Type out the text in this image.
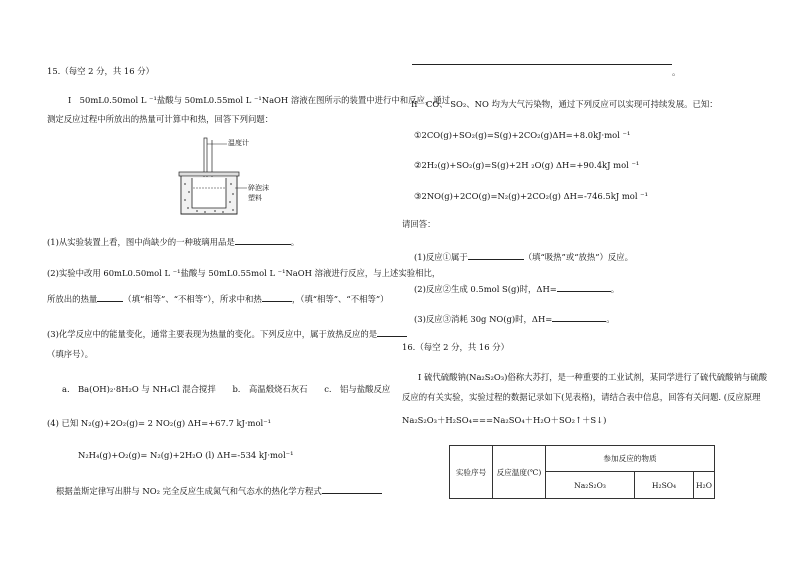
15.（每空 2 分，共 16 分）
I　50mL0.50mol L ⁻¹盐酸与 50mL0.55mol L ⁻¹NaOH 溶液在图所示的装置中进行中和反应，通过
测定反应过程中所放出的热量可计算中和热，回答下列问题：
温度计
碎泡沫
塑料
(1)从实验装置上看，图中尚缺少的一种玻璃用品是	。
(2)实验中改用 60mL0.50mol L ⁻¹盐酸与 50mL0.55mol L ⁻¹NaOH 溶液进行反应，与上述实验相比，
所放出的热量	（填“相等”、“不相等”），所求中和热	，（填“相等”、“不相等”）
(3)化学反应中的能量变化，通常主要表现为热量的变化。下列反应中，属于放热反应的是
（填序号）。
a.　Ba(OH)₂·8H₂O 与 NH₄Cl 混合搅拌　　b.　高温煅烧石灰石　　c.　铝与盐酸反应
(4) 已知 N₂(g)+2O₂(g)= 2 NO₂(g) ΔH=+67.7 kJ·mol⁻¹
N₂H₄(g)+O₂(g)= N₂(g)+2H₂O (l) ΔH=-534 kJ·mol⁻¹
根据盖斯定律写出肼与 NO₂ 完全反应生成氮气和气态水的热化学方程式
。
II　CO、 SO₂、NO 均为大气污染物，通过下列反应可以实现可持续发展。已知：
①2CO(g)+SO₂(g)=S(g)+2CO₂(g)ΔH=+8.0kJ·mol ⁻¹
②2H₂(g)+SO₂(g)=S(g)+2H ₂O(g) ΔH=+90.4kJ mol ⁻¹
③2NO(g)+2CO(g)=N₂(g)+2CO₂(g) ΔH=-746.5kJ mol ⁻¹
请回答：
(1)反应①属于	（填“吸热”或“放热”）反应。
(2)反应②生成 0.5mol S(g)时，ΔH=	。
(3)反应③消耗 30g NO(g)时，ΔH=	。
16.（每空 2 分，共 16 分）
I 硫代硫酸钠(Na₂S₂O₃)俗称大苏打，是一种重要的工业试剂，某同学进行了硫代硫酸钠与硫酸
反应的有关实验，实验过程的数据记录如下(见表格)，请结合表中信息，回答有关问题. (反应原理
Na₂S₂O₃＋H₂SO₄===Na₂SO₄＋H₂O＋SO₂↑＋S↓)
实验序号	反应温度(℃)	参加反应的物质		
		Na₂S₂O₃	H₂SO₄	H₂O
